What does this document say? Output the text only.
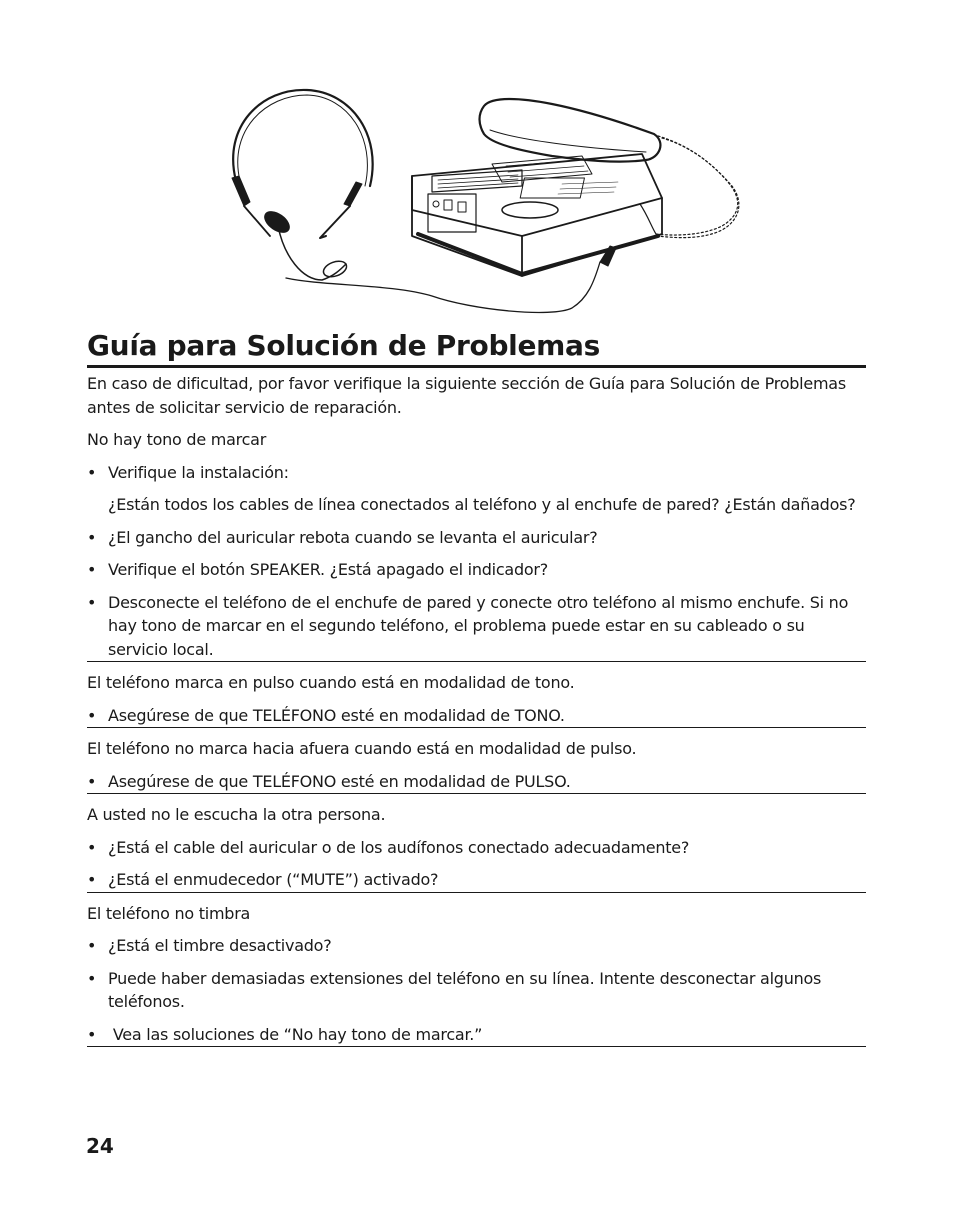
Guía para Solución de Problemas

En caso de dificultad, por favor verifique la siguiente sección de Guía para Solución de Problemas antes de solicitar servicio de reparación.

No hay tono de marcar

• Verifique la instalación:

¿Están todos los cables de línea conectados al teléfono y al enchufe de pared? ¿Están dañados?

• ¿El gancho del auricular rebota cuando se levanta el auricular?

• Verifique el botón SPEAKER. ¿Está apagado el indicador?

• Desconecte el teléfono de el enchufe de pared y conecte otro teléfono al mismo enchufe. Si no hay tono de marcar en el segundo teléfono, el problema puede estar en su cableado o su servicio local.

El teléfono marca en pulso cuando está en modalidad de tono.

• Asegúrese de que TELÉFONO esté en modalidad de TONO.

El teléfono no marca hacia afuera cuando está en modalidad de pulso.

• Asegúrese de que TELÉFONO esté en modalidad de PULSO.

A usted no le escucha la otra persona.

• ¿Está el cable del auricular o de los audífonos conectado adecuadamente?

• ¿Está el enmudecedor (“MUTE”) activado?

El teléfono no timbra

• ¿Está el timbre desactivado?

• Puede haber demasiadas extensiones del teléfono en su línea. Intente desconectar algunos teléfonos.

• Vea las soluciones de “No hay tono de marcar.”

24
